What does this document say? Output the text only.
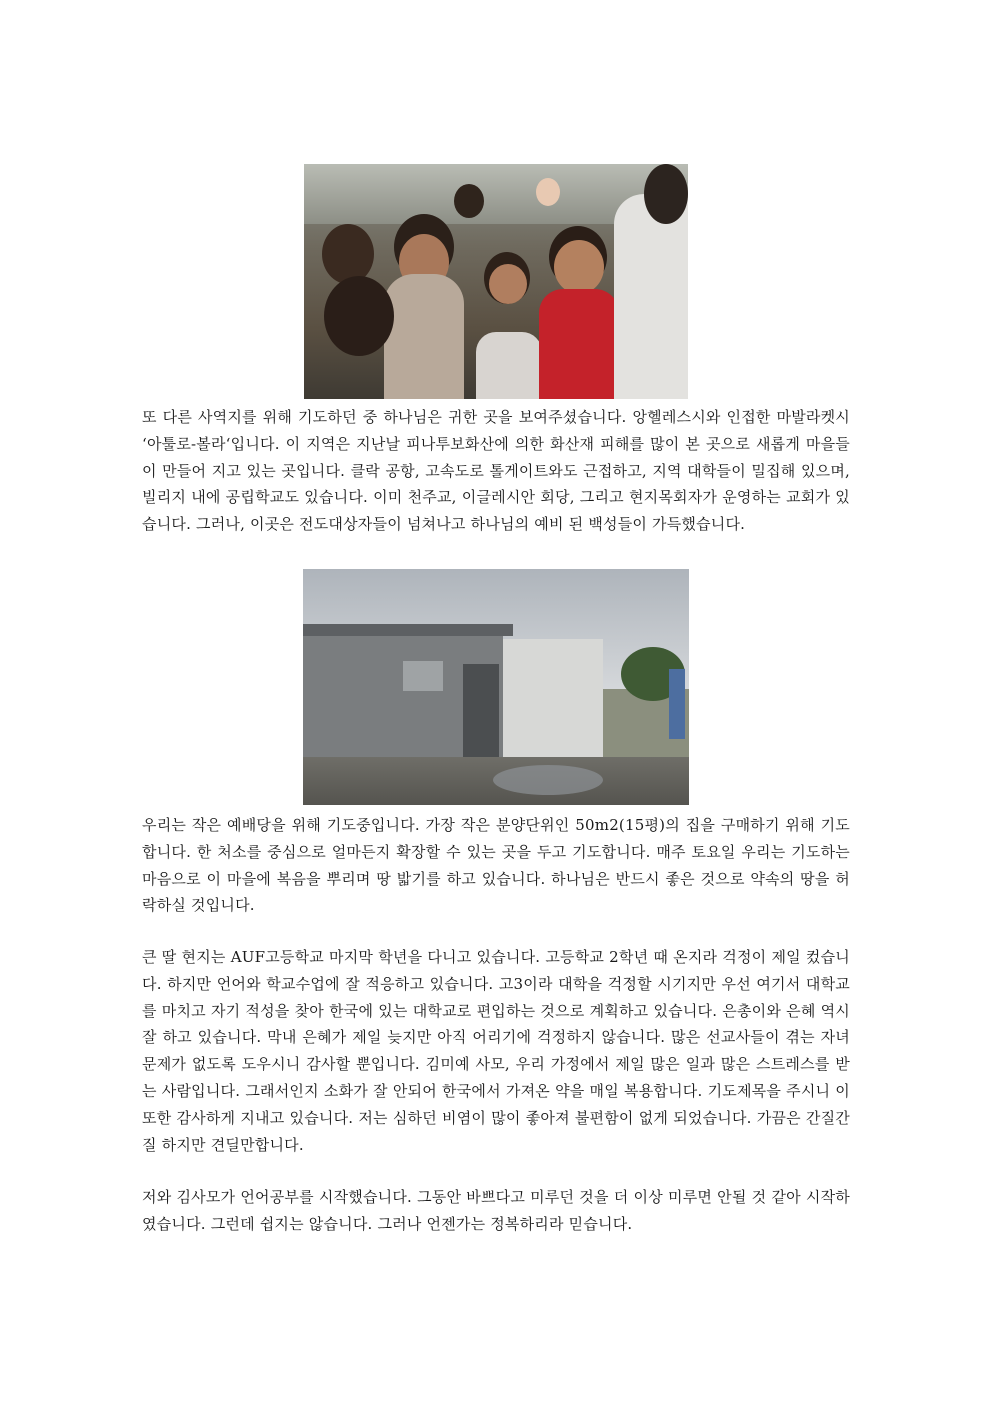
또 다른 사역지를 위해 기도하던 중 하나님은 귀한 곳을 보여주셨습니다. 앙헬레스시와 인접한 마발라켓시 ‘아툴로-볼라‘입니다. 이 지역은 지난날 피나투보화산에 의한 화산재 피해를 많이 본 곳으로 새롭게 마을들이 만들어 지고 있는 곳입니다. 클락 공항, 고속도로 톨게이트와도 근접하고, 지역 대학들이 밀집해 있으며, 빌리지 내에 공립학교도 있습니다. 이미 천주교, 이글레시안 회당, 그리고 현지목회자가 운영하는 교회가 있습니다. 그러나, 이곳은 전도대상자들이 넘쳐나고 하나님의 예비 된 백성들이 가득했습니다.

우리는 작은 예배당을 위해 기도중입니다. 가장 작은 분양단위인 50m2(15평)의 집을 구매하기 위해 기도합니다. 한 처소를 중심으로 얼마든지 확장할 수 있는 곳을 두고 기도합니다. 매주 토요일 우리는 기도하는 마음으로 이 마을에 복음을 뿌리며 땅 밟기를 하고 있습니다. 하나님은 반드시 좋은 것으로 약속의 땅을 허락하실 것입니다.

큰 딸 현지는 AUF고등학교 마지막 학년을 다니고 있습니다. 고등학교 2학년 때 온지라 걱정이 제일 컸습니다. 하지만 언어와 학교수업에 잘 적응하고 있습니다. 고3이라 대학을 걱정할 시기지만 우선 여기서 대학교를 마치고 자기 적성을 찾아 한국에 있는 대학교로 편입하는 것으로 계획하고 있습니다. 은총이와 은혜 역시 잘 하고 있습니다. 막내 은혜가 제일 늦지만 아직 어리기에 걱정하지 않습니다. 많은 선교사들이 겪는 자녀문제가 없도록 도우시니 감사할 뿐입니다. 김미예 사모, 우리 가정에서 제일 많은 일과 많은 스트레스를 받는 사람입니다. 그래서인지 소화가 잘 안되어 한국에서 가져온 약을 매일 복용합니다. 기도제목을 주시니 이 또한 감사하게 지내고 있습니다. 저는 심하던 비염이 많이 좋아져 불편함이 없게 되었습니다. 가끔은 간질간질 하지만 견딜만합니다.

저와 김사모가 언어공부를 시작했습니다. 그동안 바쁘다고 미루던 것을 더 이상 미루면 안될 것 같아 시작하였습니다. 그런데 쉽지는 않습니다. 그러나 언젠가는 정복하리라 믿습니다.
